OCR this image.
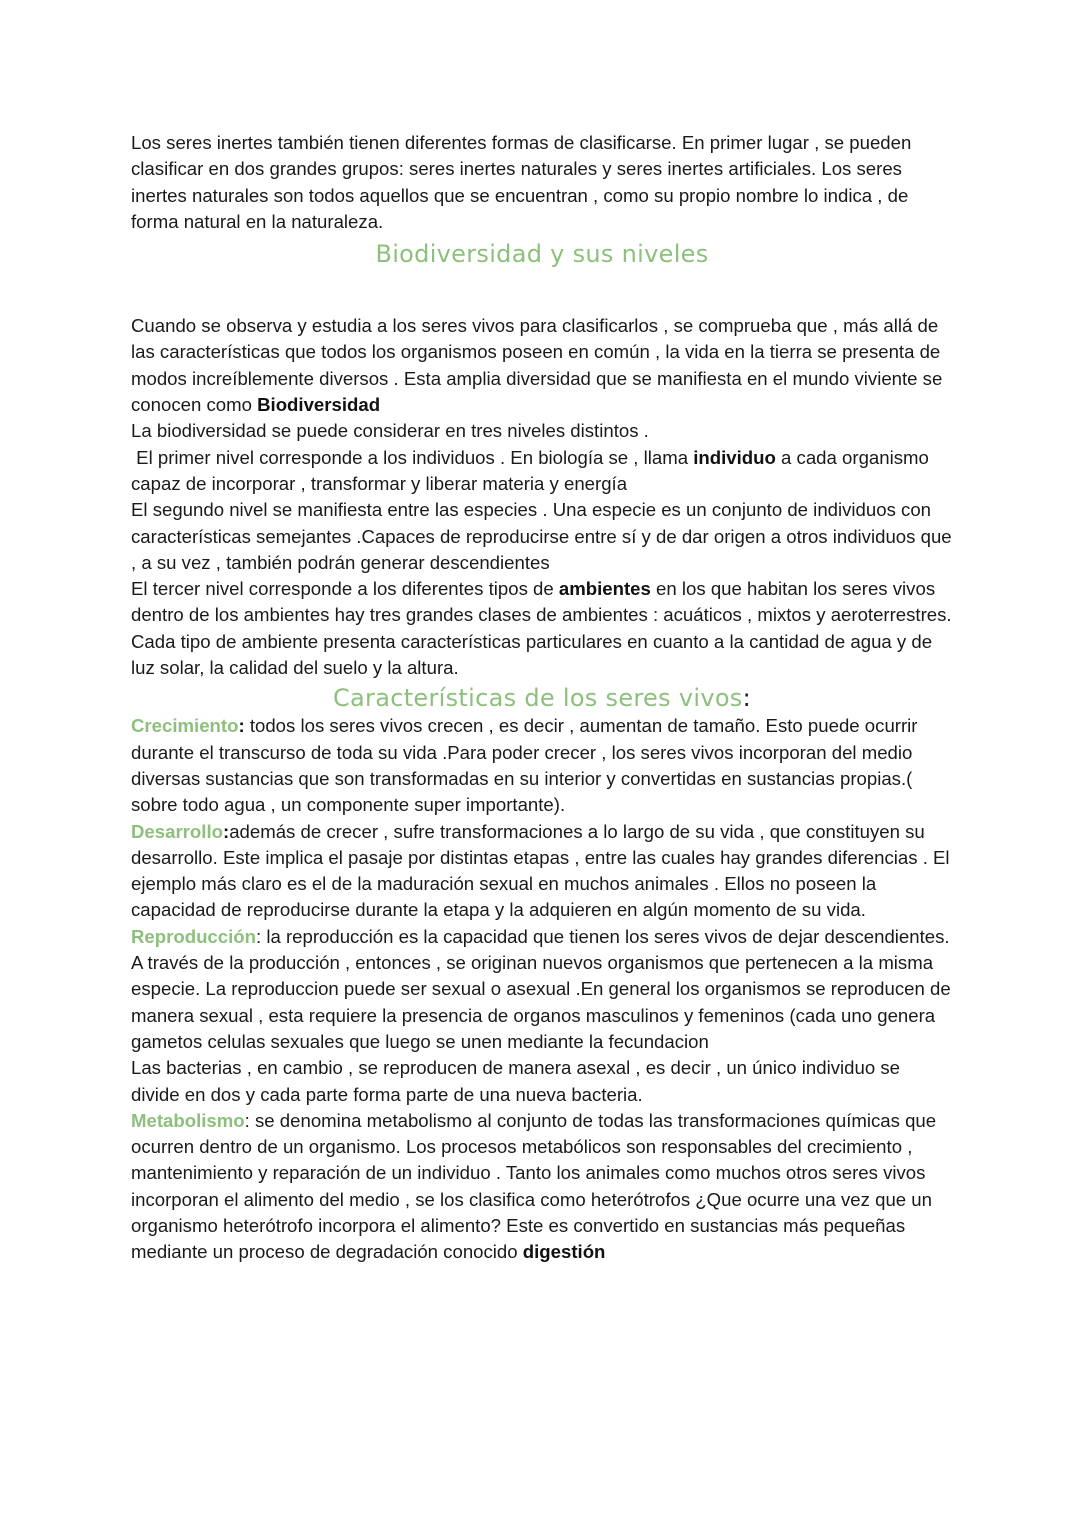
Los seres inertes también tienen diferentes formas de clasificarse. En primer lugar , se pueden clasificar en dos grandes grupos: seres inertes naturales y seres inertes artificiales. Los seres inertes naturales son todos aquellos que se encuentran , como su propio nombre lo indica , de forma natural en la naturaleza.

Biodiversidad y sus niveles

Cuando se observa y estudia a los seres vivos para clasificarlos , se comprueba que , más allá de las características que todos los organismos poseen en común , la vida en la tierra se presenta de modos increíblemente diversos . Esta amplia diversidad que se manifiesta en el mundo viviente se conocen como Biodiversidad

La biodiversidad se puede considerar en tres niveles distintos .

El primer nivel corresponde a los individuos . En biología se , llama individuo a cada organismo capaz de incorporar , transformar y liberar materia y energía

El segundo nivel se manifiesta entre las especies . Una especie es un conjunto de individuos con características semejantes .Capaces de reproducirse entre sí y de dar origen a otros individuos que , a su vez , también podrán generar descendientes

El tercer nivel corresponde a los diferentes tipos de ambientes en los que habitan los seres vivos dentro de los ambientes hay tres grandes clases de ambientes : acuáticos , mixtos y aeroterrestres.

Cada tipo de ambiente presenta características particulares en cuanto a la cantidad de agua y de luz solar, la calidad del suelo y la altura.

Características de los seres vivos:

Crecimiento: todos los seres vivos crecen , es decir , aumentan de tamaño. Esto puede ocurrir durante el transcurso de toda su vida .Para poder crecer , los seres vivos incorporan del medio diversas sustancias que son transformadas en su interior y convertidas en sustancias propias.( sobre todo agua , un componente super importante).

Desarrollo:además de crecer , sufre transformaciones a lo largo de su vida , que constituyen su desarrollo. Este implica el pasaje por distintas etapas , entre las cuales hay grandes diferencias . El ejemplo más claro es el de la maduración sexual en muchos animales . Ellos no poseen la capacidad de reproducirse durante la etapa y la adquieren en algún momento de su vida.

Reproducción: la reproducción es la capacidad que tienen los seres vivos de dejar descendientes. A través de la producción , entonces , se originan nuevos organismos que pertenecen a la misma especie. La reproduccion puede ser sexual o asexual .En general los organismos se reproducen de manera sexual , esta requiere la presencia de organos masculinos y femeninos (cada uno genera gametos celulas sexuales que luego se unen mediante la fecundacion

Las bacterias , en cambio , se reproducen de manera asexal , es decir , un único individuo se divide en dos y cada parte forma parte de una nueva bacteria.

Metabolismo: se denomina metabolismo al conjunto de todas las transformaciones químicas que ocurren dentro de un organismo. Los procesos metabólicos son responsables del crecimiento , mantenimiento y reparación de un individuo . Tanto los animales como muchos otros seres vivos incorporan el alimento del medio , se los clasifica como heterótrofos ¿Que ocurre una vez que un organismo heterótrofo incorpora el alimento? Este es convertido en sustancias más pequeñas mediante un proceso de degradación conocido digestión
